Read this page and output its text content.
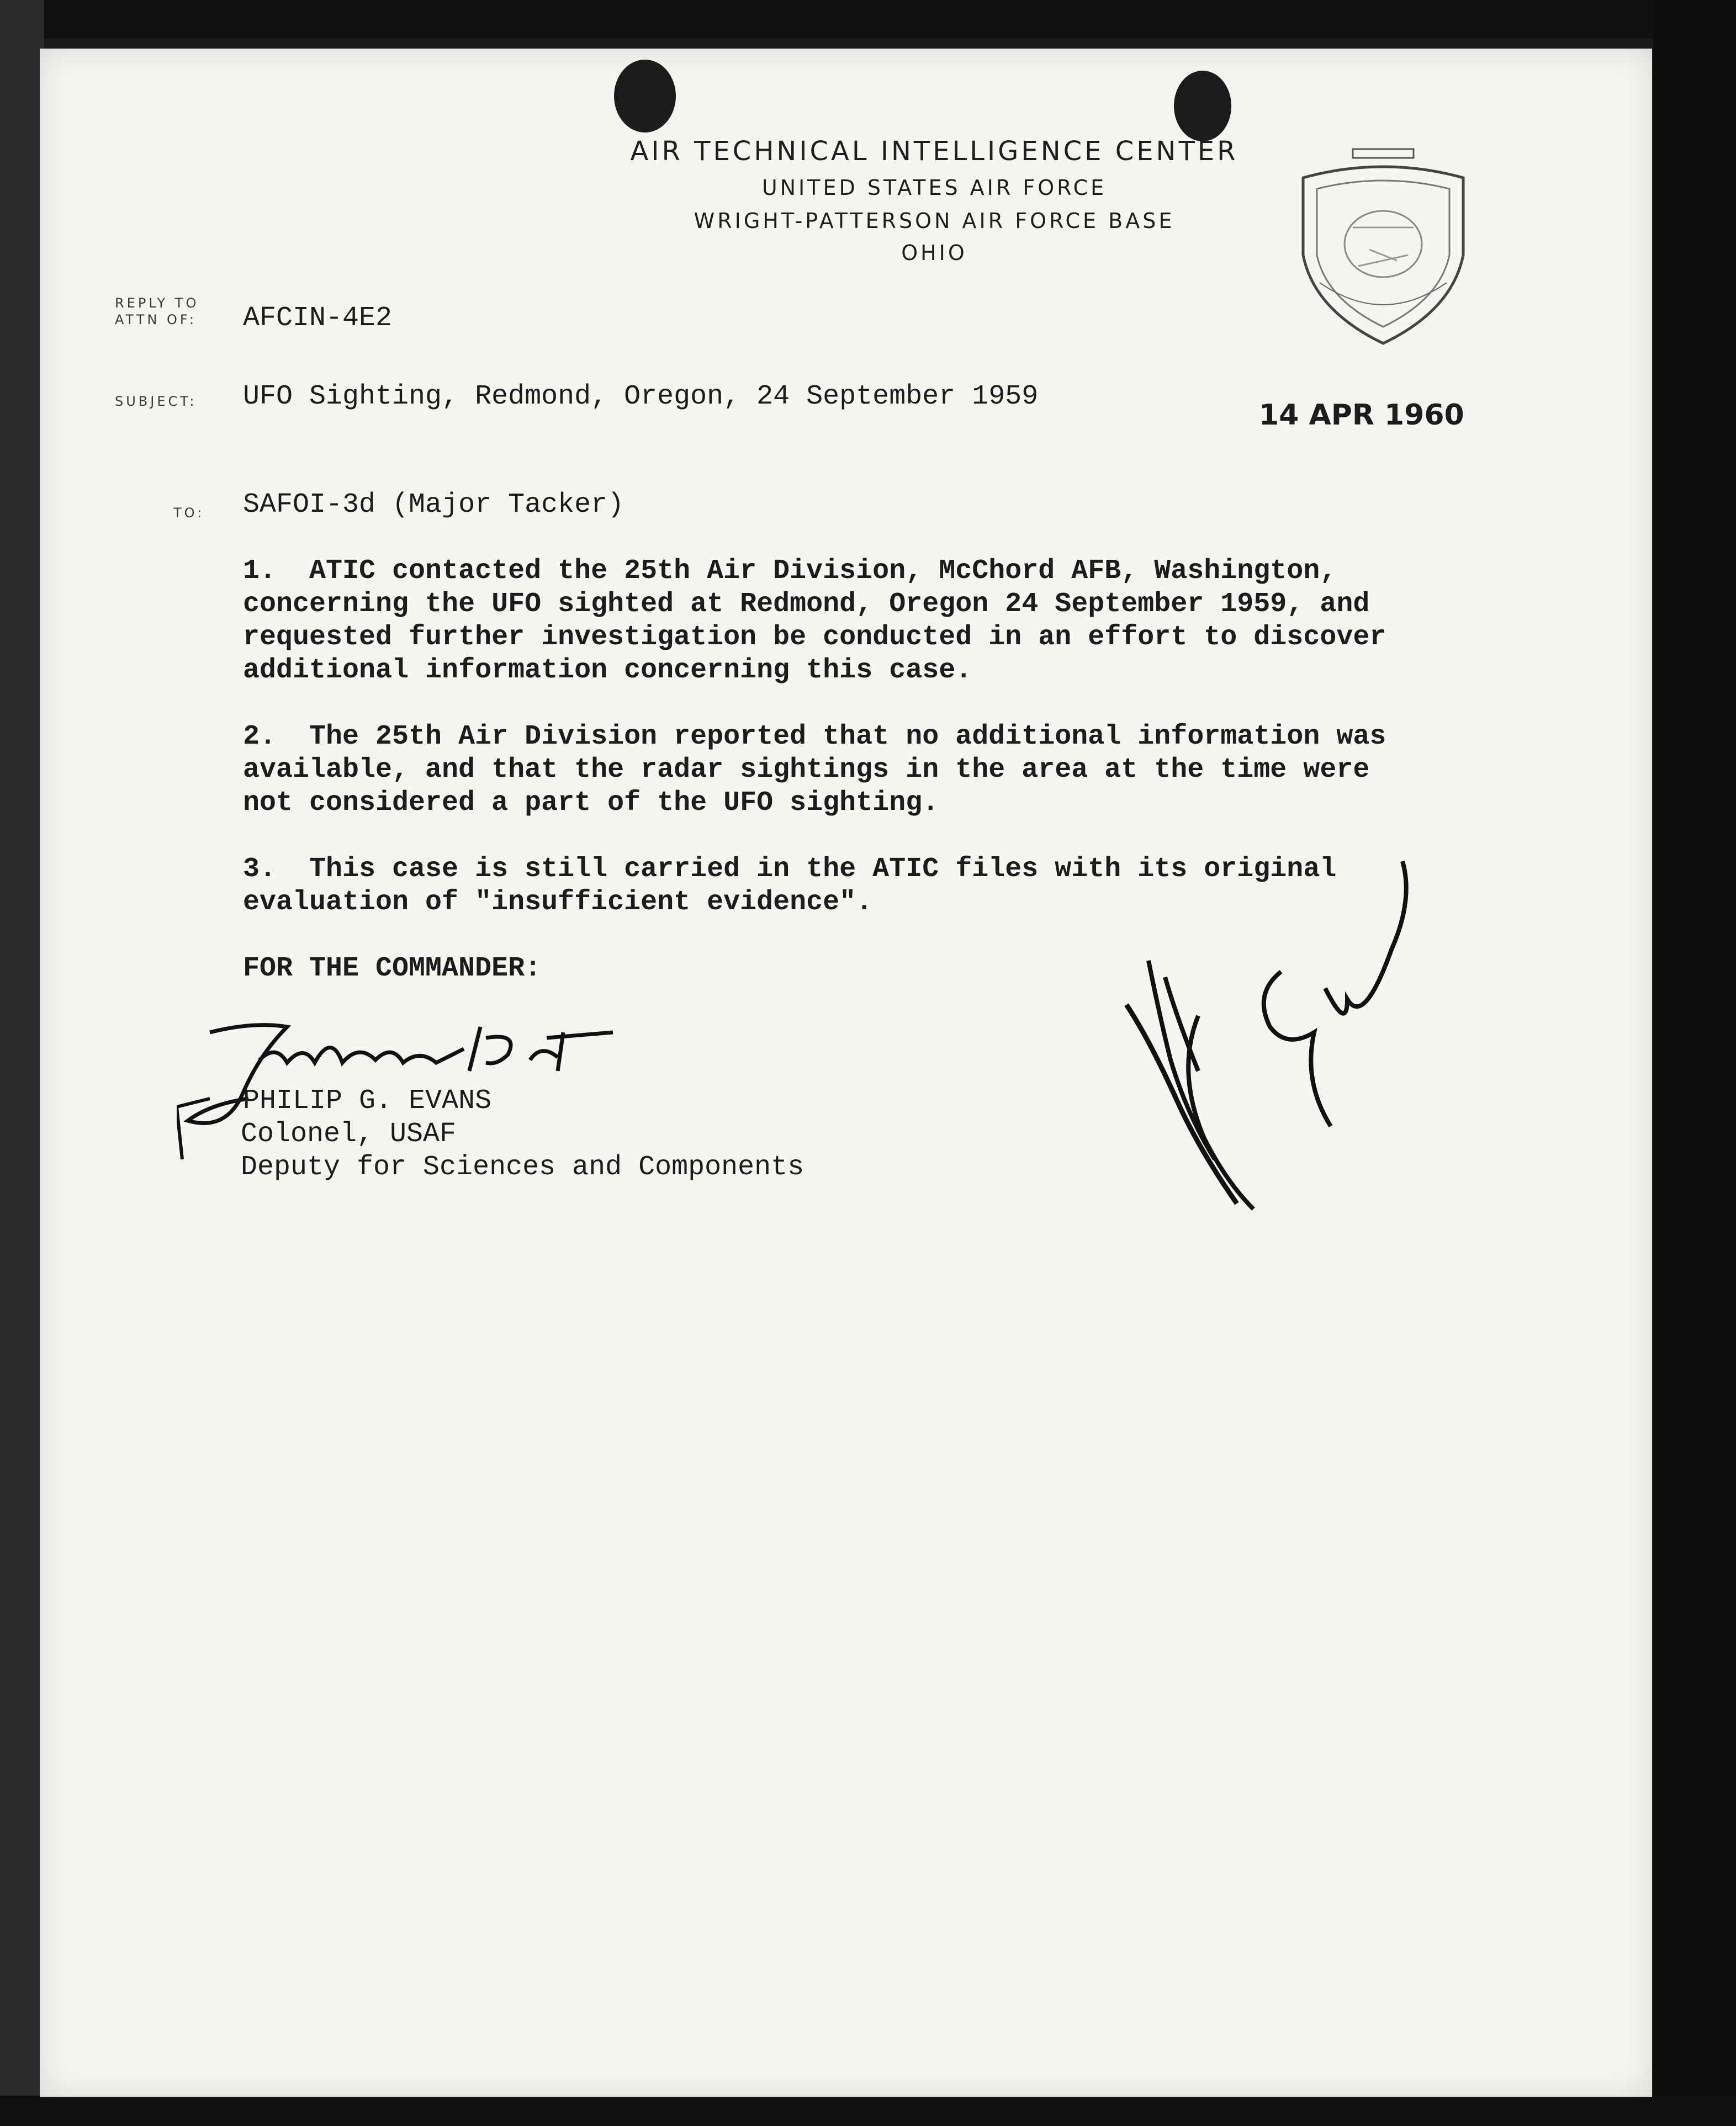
AIR TECHNICAL INTELLIGENCE CENTER
UNITED STATES AIR FORCE
WRIGHT-PATTERSON AIR FORCE BASE
OHIO
REPLY TO
ATTN OF: AFCIN-4E2
SUBJECT: UFO Sighting, Redmond, Oregon, 24 September 1959
14 APR 1960
TO: SAFOI-3d (Major Tacker)
1.  ATIC contacted the 25th Air Division, McChord AFB, Washington,
concerning the UFO sighted at Redmond, Oregon 24 September 1959, and
requested further investigation be conducted in an effort to discover
additional information concerning this case.
2.  The 25th Air Division reported that no additional information was
available, and that the radar sightings in the area at the time were
not considered a part of the UFO sighting.
3.  This case is still carried in the ATIC files with its original
evaluation of "insufficient evidence".
FOR THE COMMANDER:
PHILIP G. EVANS
Colonel, USAF
Deputy for Sciences and Components
